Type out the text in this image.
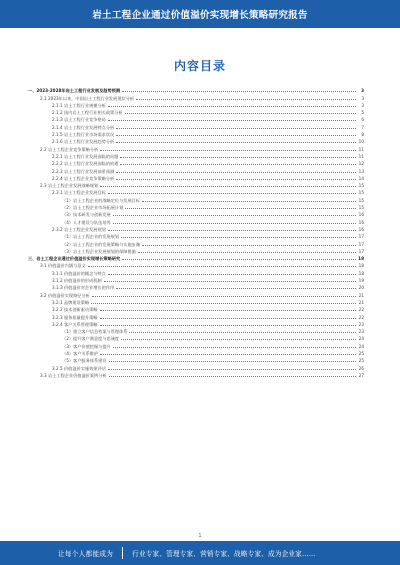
岩土工程企业通过价值溢价实现增长策略研究报告
内容目录
一、2023-2028年岩土工程行业发展及趋势预测	3
2.1 2023年以来，中国岩土工程行业发展现状分析	3
2.1.1 岩土工程行业规模分析	3
2.1.2 国内岩土工程行业相关政策分析	5
2.1.3 岩土工程行业竞争格局	6
2.1.4 岩土工程行业发展特点分析	7
2.1.5 岩土工程行业市场需求状况	8
2.1.6 岩土工程行业发展趋势分析	10
2.2 岩土工程企业竞争策略分析	11
2.2.1 岩土工程行业发展面临的问题	11
2.2.2 岩土工程行业发展面临的机遇	12
2.2.3 岩土工程行业发展前景预测	13
2.2.4 岩土工程企业竞争策略分析	14
2.3 岩土工程企业发展战略规划	15
2.3.1 岩土工程企业发展目标	15
（1）岩土工程企业的战略定位与发展目标	15
（2）岩土工程企业市场拓展计划	15
（3）技术研发与创新发展	16
（4）人才建设与队伍培养	16
2.3.2 岩土工程企业发展规划	16
（1）岩土工程企业的发展规划	17
（2）岩土工程企业的发展策略与实施步骤	17
（3）岩土工程企业发展规划的保障措施	17
三、岩土工程企业通过价值溢价实现增长策略研究	18
3.1 价值溢价内涵与意义	18
3.1.1 价值溢价的概念与特点	18
3.1.2 价值溢价的形成机制	19
3.1.3 价值溢价对企业增长的作用	20
3.2 价值溢价实现路径分析	21
3.2.1 品牌建设策略	21
3.2.2 技术创新驱动策略	22
3.2.3 服务质量提升策略	22
3.2.4 客户关系管理策略	23
（1）建立客户信息档案与管理体系	23
（2）提升客户满意度与忠诚度	24
（3）客户价值挖掘与提升	24
（4）客户关系维护	25
（5）客户服务体系建设	25
3.2.5 价值溢价实施效果评估	26
3.3 岩土工程企业价值溢价案例分析	27
1
让每个人都能成为	行业专家、管理专家、营销专家、战略专家、成为企业家……
